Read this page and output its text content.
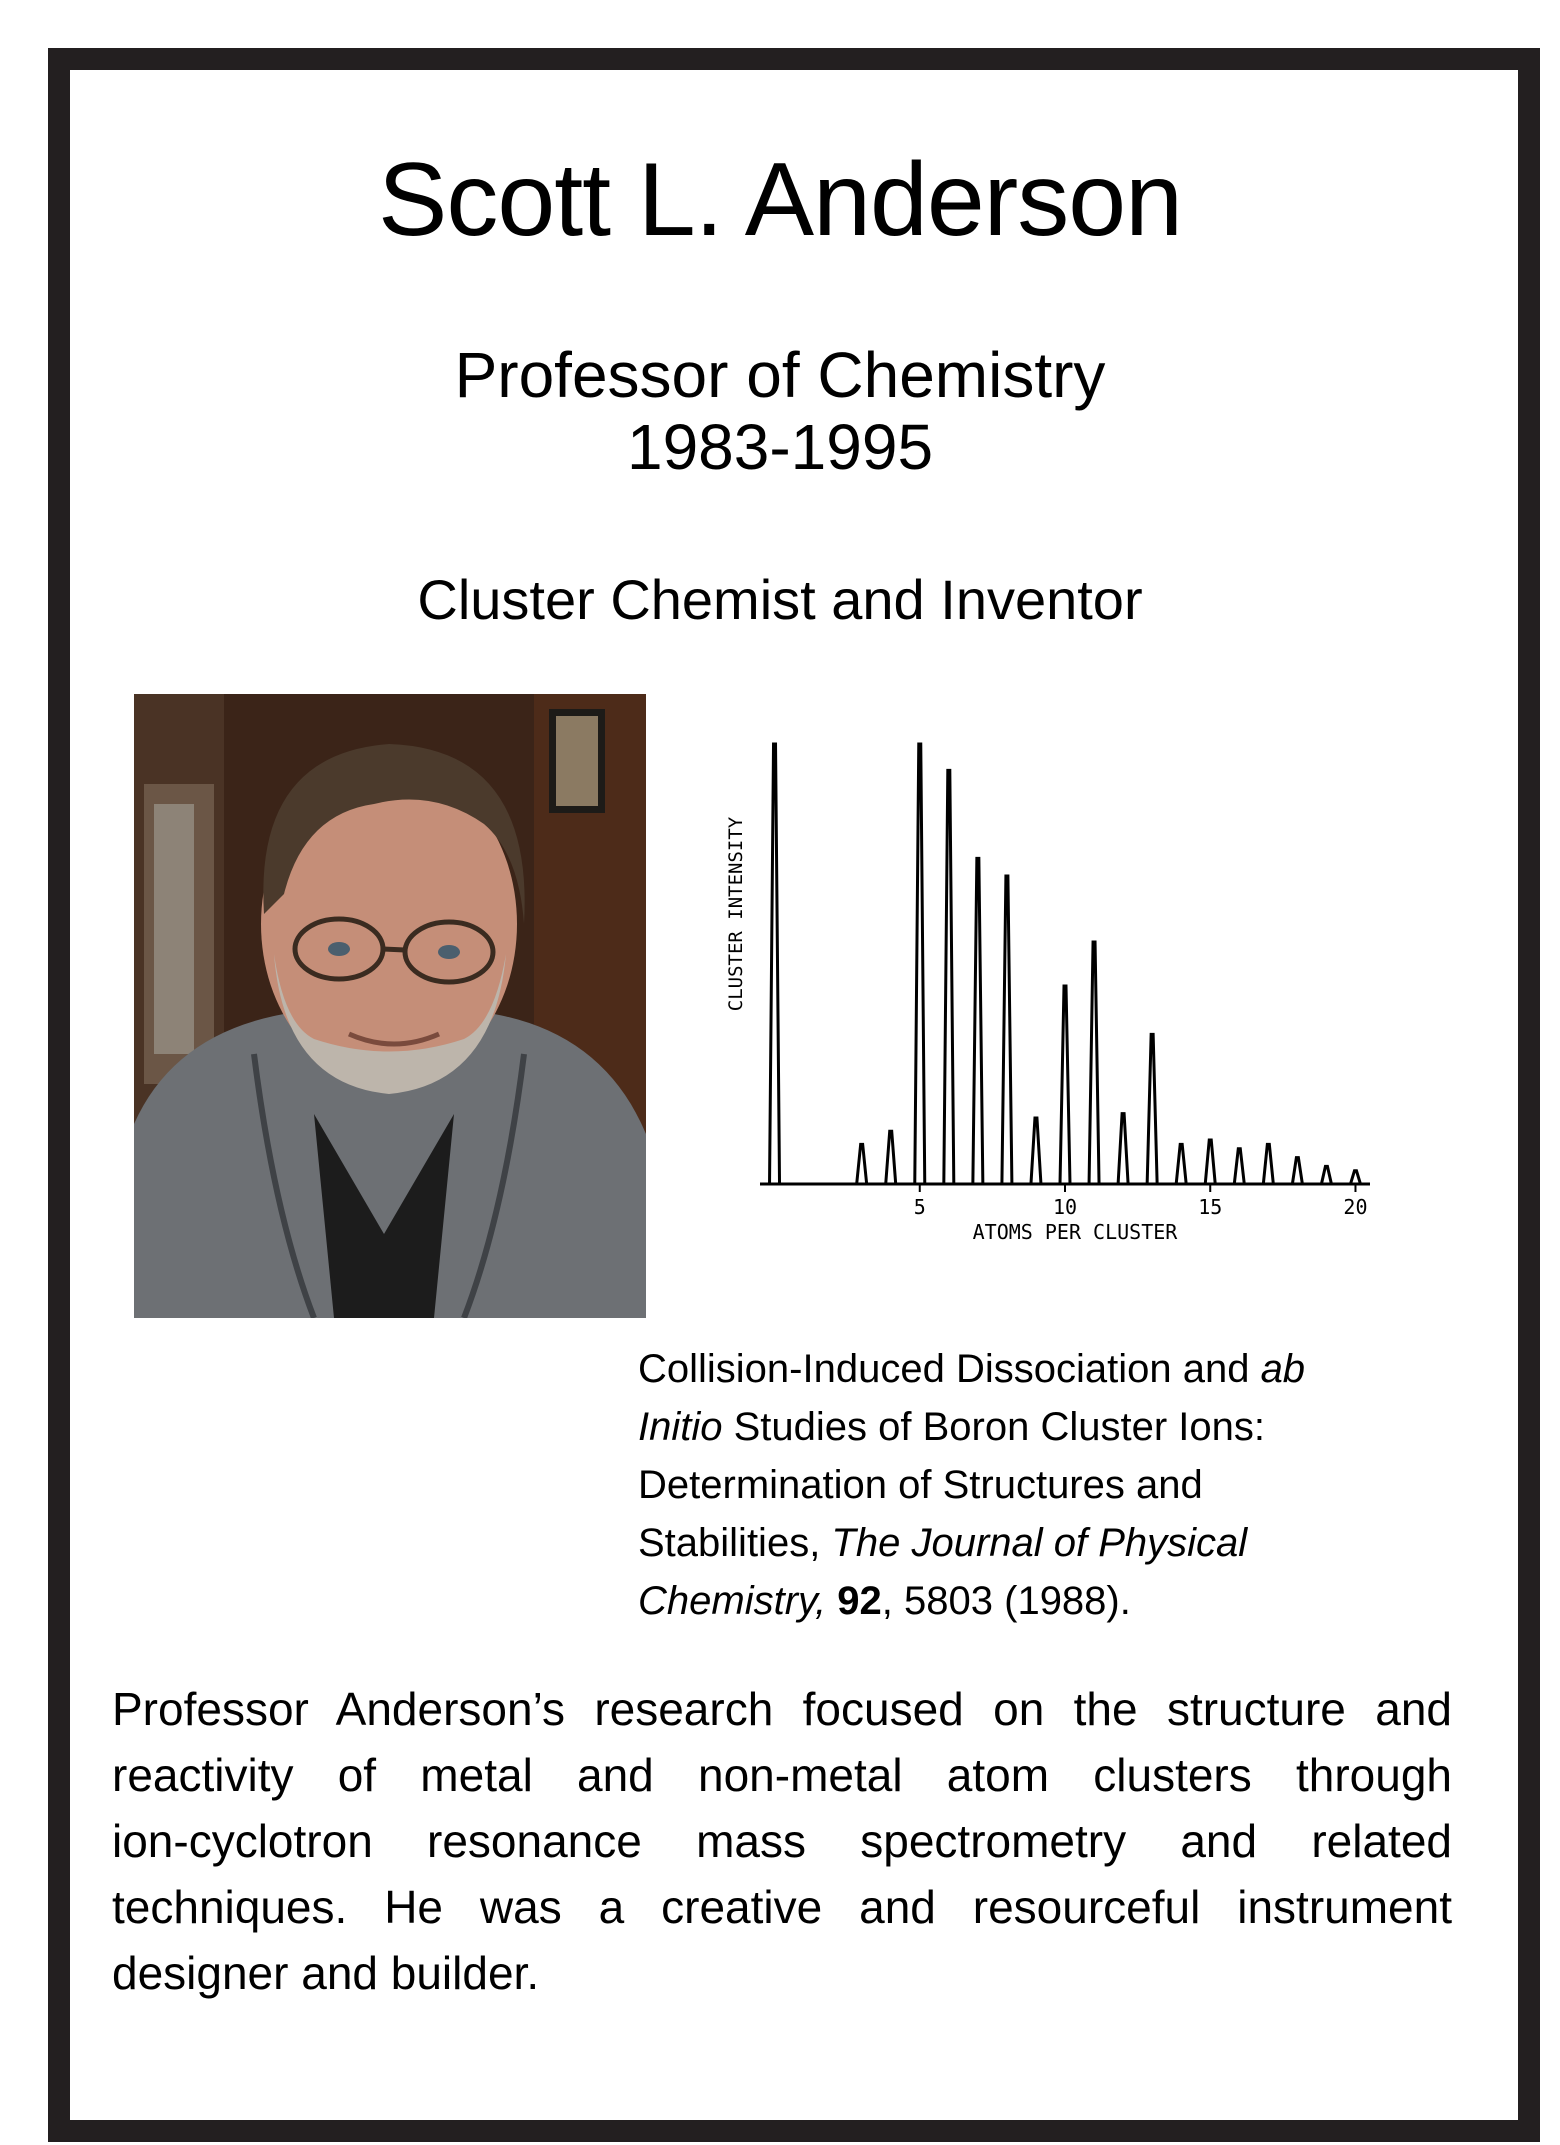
Scott L. Anderson
Professor of Chemistry
1983-1995
Cluster Chemist and Inventor
5	10	15	20
ATOMS PER CLUSTER
CLUSTER INTENSITY
Collision-Induced Dissociation and ab
Initio Studies of Boron Cluster Ions:
Determination of Structures and
Stabilities, The Journal of Physical
Chemistry, 92, 5803 (1988).
Professor Anderson’s research focused on the structure and
reactivity of metal and non-metal atom clusters through
ion-cyclotron resonance mass spectrometry and related
techniques. He was a creative and resourceful instrument
designer and builder.
